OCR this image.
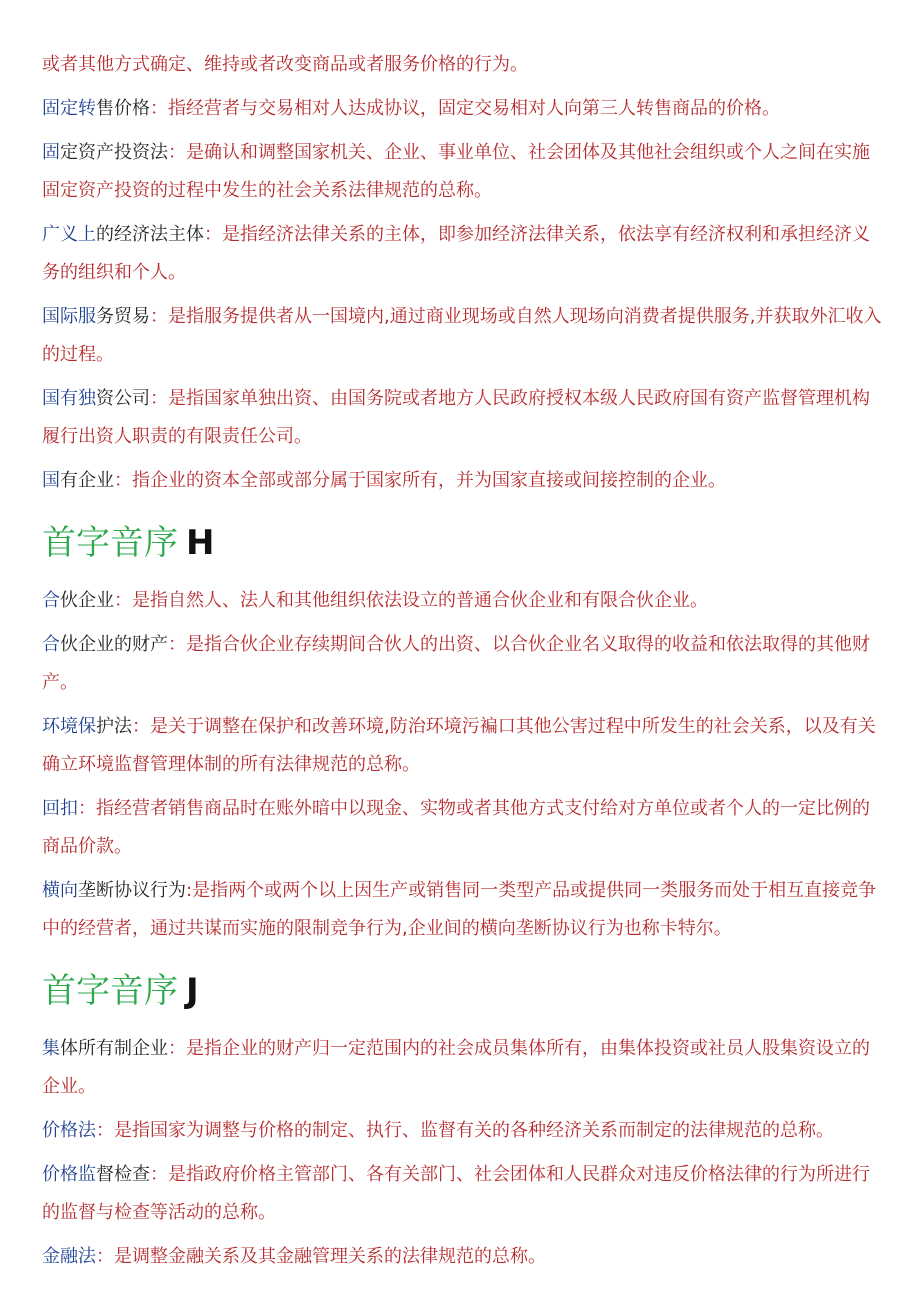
或者其他方式确定、维持或者改变商品或者服务价格的行为。
固定转售价格：指经营者与交易相对人达成协议，固定交易相对人向第三人转售商品的价格。
固定资产投资法：是确认和调整国家机关、企业、事业单位、社会团体及其他社会组织或个人之间在实施固定资产投资的过程中发生的社会关系法律规范的总称。
广义上的经济法主体：是指经济法律关系的主体，即参加经济法律关系，依法享有经济权利和承担经济义务的组织和个人。
国际服务贸易：是指服务提供者从一国境内,通过商业现场或自然人现场向消费者提供服务,并获取外汇收入的过程。
国有独资公司：是指国家单独出资、由国务院或者地方人民政府授权本级人民政府国有资产监督管理机构履行出资人职责的有限责任公司。
国有企业：指企业的资本全部或部分属于国家所有，并为国家直接或间接控制的企业。
首字音序 H
合伙企业：是指自然人、法人和其他组织依法设立的普通合伙企业和有限合伙企业。
合伙企业的财产：是指合伙企业存续期间合伙人的出资、以合伙企业名义取得的收益和依法取得的其他财产。
环境保护法：是关于调整在保护和改善环境,防治环境污褊口其他公害过程中所发生的社会关系，以及有关确立环境监督管理体制的所有法律规范的总称。
回扣：指经营者销售商品时在账外暗中以现金、实物或者其他方式支付给对方单位或者个人的一定比例的商品价款。
横向垄断协议行为:是指两个或两个以上因生产或销售同一类型产品或提供同一类服务而处于相互直接竞争中的经营者，通过共谋而实施的限制竞争行为,企业间的横向垄断协议行为也称卡特尔。
首字音序 J
集体所有制企业：是指企业的财产归一定范围内的社会成员集体所有，由集体投资或社员人股集资设立的企业。
价格法：是指国家为调整与价格的制定、执行、监督有关的各种经济关系而制定的法律规范的总称。
价格监督检查：是指政府价格主管部门、各有关部门、社会团体和人民群众对违反价格法律的行为所进行的监督与检查等活动的总称。
金融法：是调整金融关系及其金融管理关系的法律规范的总称。
